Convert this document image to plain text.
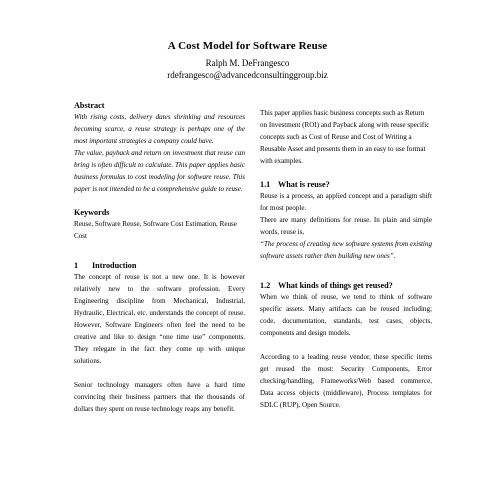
A Cost Model for Software Reuse
Ralph M. DeFrangesco
rdefrangesco@advancedconsultinggroup.biz
Abstract

With rising costs, delivery dates shrinking and resources becoming scarce, a reuse strategy is perhaps one of the most important strategies a company could have.

The value, payback and return on investment that reuse can bring is often difficult to calculate. This paper applies basic business formulas to cost modeling for software reuse. This paper is not intended to be a comprehensive guide to reuse.

Keywords

Reuse, Software Reuse, Software Cost Estimation, Reuse Cost

1	Introduction

The concept of reuse is not a new one. It is however relatively new to the software profession. Every Engineering discipline from Mechanical, Industrial, Hydraulic, Electrical, etc. understands the concept of reuse. However, Software Engineers often feel the need to be creative and like to design “one time use” components. They relegate in the fact they come up with unique solutions.

Senior technology managers often have a hard time convincing their business partners that the thousands of dollars they spent on reuse technology reaps any benefit.

This paper applies basic business concepts such as Return on Investment (ROI) and Payback along with reuse specific concepts such as Cost of Reuse and Cost of Writing a Reusable Asset and presents them in an easy to use format with examples.

1.1 What is reuse?

Reuse is a process, an applied concept and a paradigm shift for most people.

There are many definitions for reuse. In plain and simple words, reuse is,

“The process of creating new software systems from existing software assets rather then building new ones”.

1.2 What kinds of things get reused?

When we think of reuse, we tend to think of software specific assets. Many artifacts can be reused including; code, documentation, standards, test cases, objects, components and design models.

According to a leading reuse vendor, these specific items get reused the most: Security Components, Error checking/handling, Frameworks/Web based commerce, Data access objects (middleware), Process templates for SDLC (RUP), Open Source.
